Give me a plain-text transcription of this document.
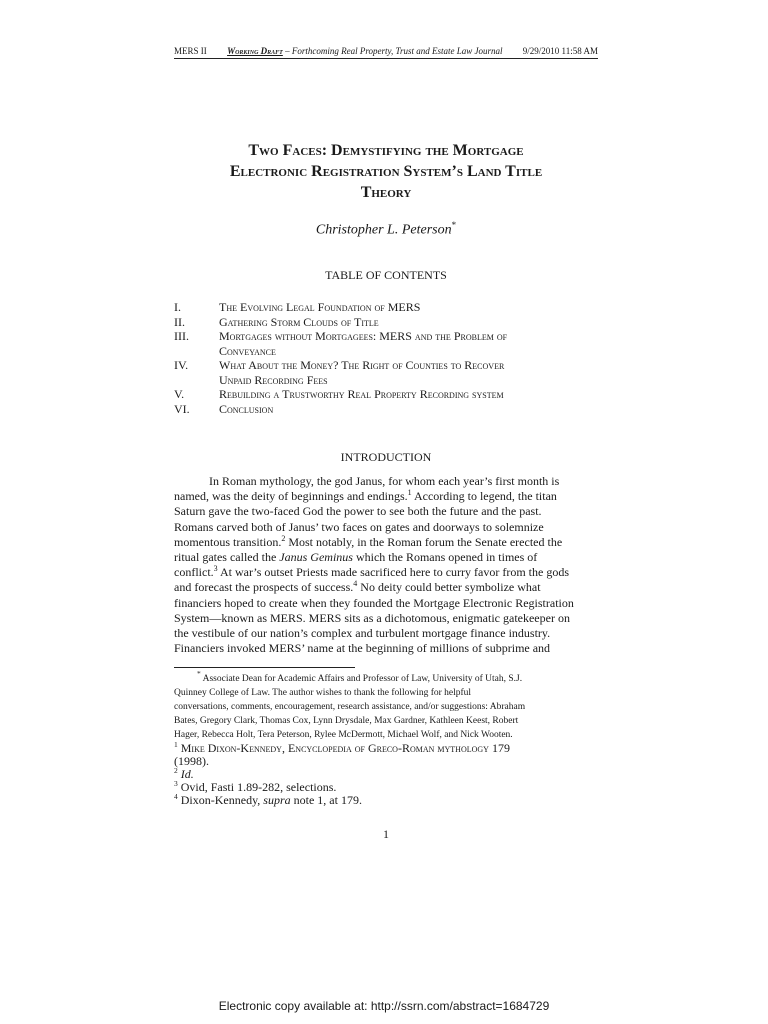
MERS II Working Draft – Forthcoming Real Property, Trust and Estate Law Journal 9/29/2010 11:58 AM
Two Faces: Demystifying the Mortgage
Electronic Registration System’s Land Title
Theory
Christopher L. Peterson*
TABLE OF CONTENTS
I.	The Evolving Legal Foundation of MERS
II.	Gathering Storm Clouds of Title
III.	Mortgages without Mortgagees: MERS and the Problem of
Conveyance
IV.	What About the Money? The Right of Counties to Recover
Unpaid Recording Fees
V.	Rebuilding a Trustworthy Real Property Recording system
VI.	Conclusion
INTRODUCTION
In Roman mythology, the god Janus, for whom each year’s first month is
named, was the deity of beginnings and endings.$^1$ According to legend, the titan
Saturn gave the two-faced God the power to see both the future and the past.
Romans carved both of Janus’ two faces on gates and doorways to solemnize
momentous transition.$^2$ Most notably, in the Roman forum the Senate erected the
ritual gates called the Janus Geminus which the Romans opened in times of
conflict.$^3$ At war’s outset Priests made sacrificed here to curry favor from the gods
and forecast the prospects of success.$^4$ No deity could better symbolize what
financiers hoped to create when they founded the Mortgage Electronic Registration
System—known as MERS. MERS sits as a dichotomous, enigmatic gatekeeper on
the vestibule of our nation’s complex and turbulent mortgage finance industry.
Financiers invoked MERS’ name at the beginning of millions of subprime and
* Associate Dean for Academic Affairs and Professor of Law, University of Utah, S.J.
Quinney College of Law. The author wishes to thank the following for helpful
conversations, comments, encouragement, research assistance, and/or suggestions: Abraham
Bates, Gregory Clark, Thomas Cox, Lynn Drysdale, Max Gardner, Kathleen Keest, Robert
Hager, Rebecca Holt, Tera Peterson, Rylee McDermott, Michael Wolf, and Nick Wooten.
$^1$ Mike Dixon-Kennedy, Encyclopedia of Greco-Roman mythology 179
(1998).
$^2$ Id.
$^3$ Ovid, Fasti 1.89-282, selections.
$^4$ Dixon-Kennedy, supra note 1, at 179.
1
Electronic copy available at: http://ssrn.com/abstract=1684729
